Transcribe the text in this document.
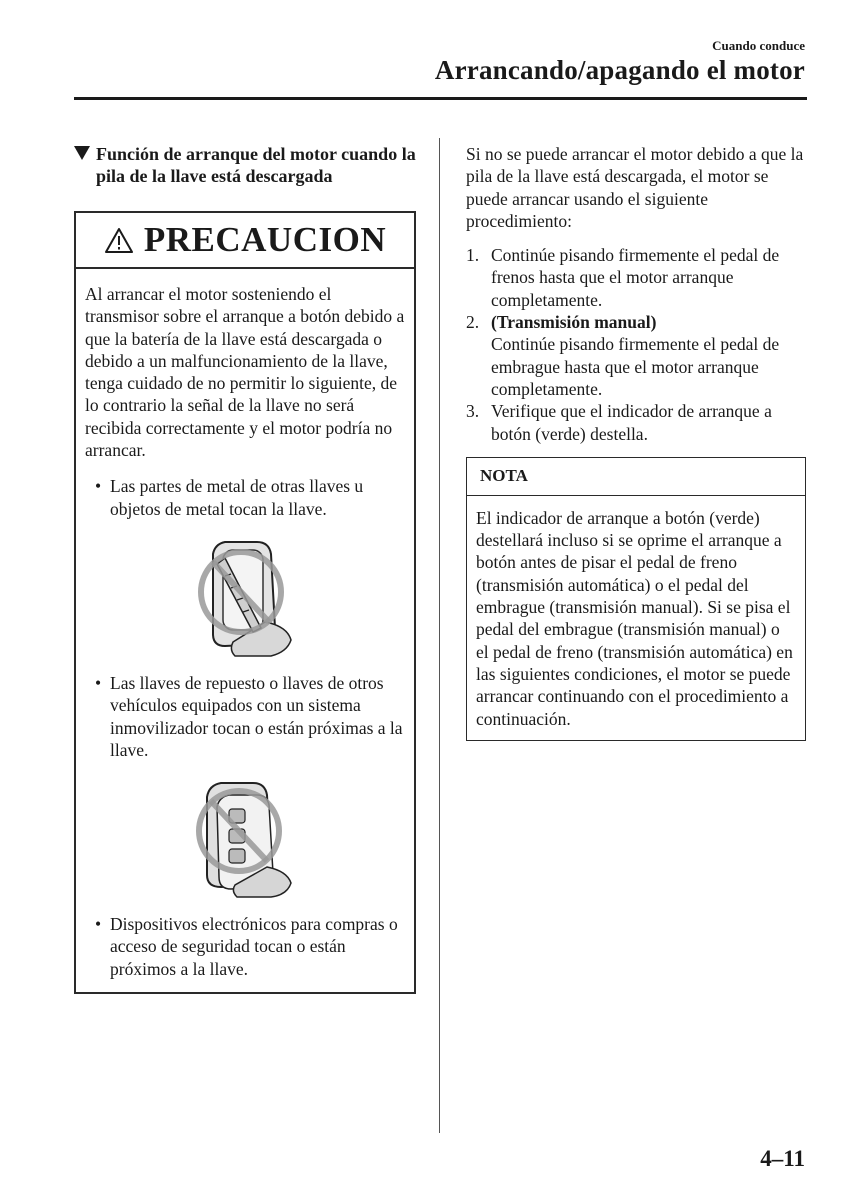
Cuando conduce
Arrancando/apagando el motor
Función de arranque del motor cuando la pila de la llave está descargada
PRECAUCION
Al arrancar el motor sosteniendo el transmisor sobre el arranque a botón debido a que la batería de la llave está descargada o debido a un malfuncionamiento de la llave, tenga cuidado de no permitir lo siguiente, de lo contrario la señal de la llave no será recibida correctamente y el motor podría no arrancar.
• Las partes de metal de otras llaves u objetos de metal tocan la llave.
• Las llaves de repuesto o llaves de otros vehículos equipados con un sistema inmovilizador tocan o están próximas a la llave.
• Dispositivos electrónicos para compras o acceso de seguridad tocan o están próximos a la llave.
Si no se puede arrancar el motor debido a que la pila de la llave está descargada, el motor se puede arrancar usando el siguiente procedimiento:
1. Continúe pisando firmemente el pedal de frenos hasta que el motor arranque completamente.
2. (Transmisión manual)
Continúe pisando firmemente el pedal de embrague hasta que el motor arranque completamente.
3. Verifique que el indicador de arranque a botón (verde) destella.
NOTA
El indicador de arranque a botón (verde) destellará incluso si se oprime el arranque a botón antes de pisar el pedal de freno (transmisión automática) o el pedal del embrague (transmisión manual). Si se pisa el pedal del embrague (transmisión manual) o el pedal de freno (transmisión automática) en las siguientes condiciones, el motor se puede arrancar continuando con el procedimiento a continuación.
4–11
